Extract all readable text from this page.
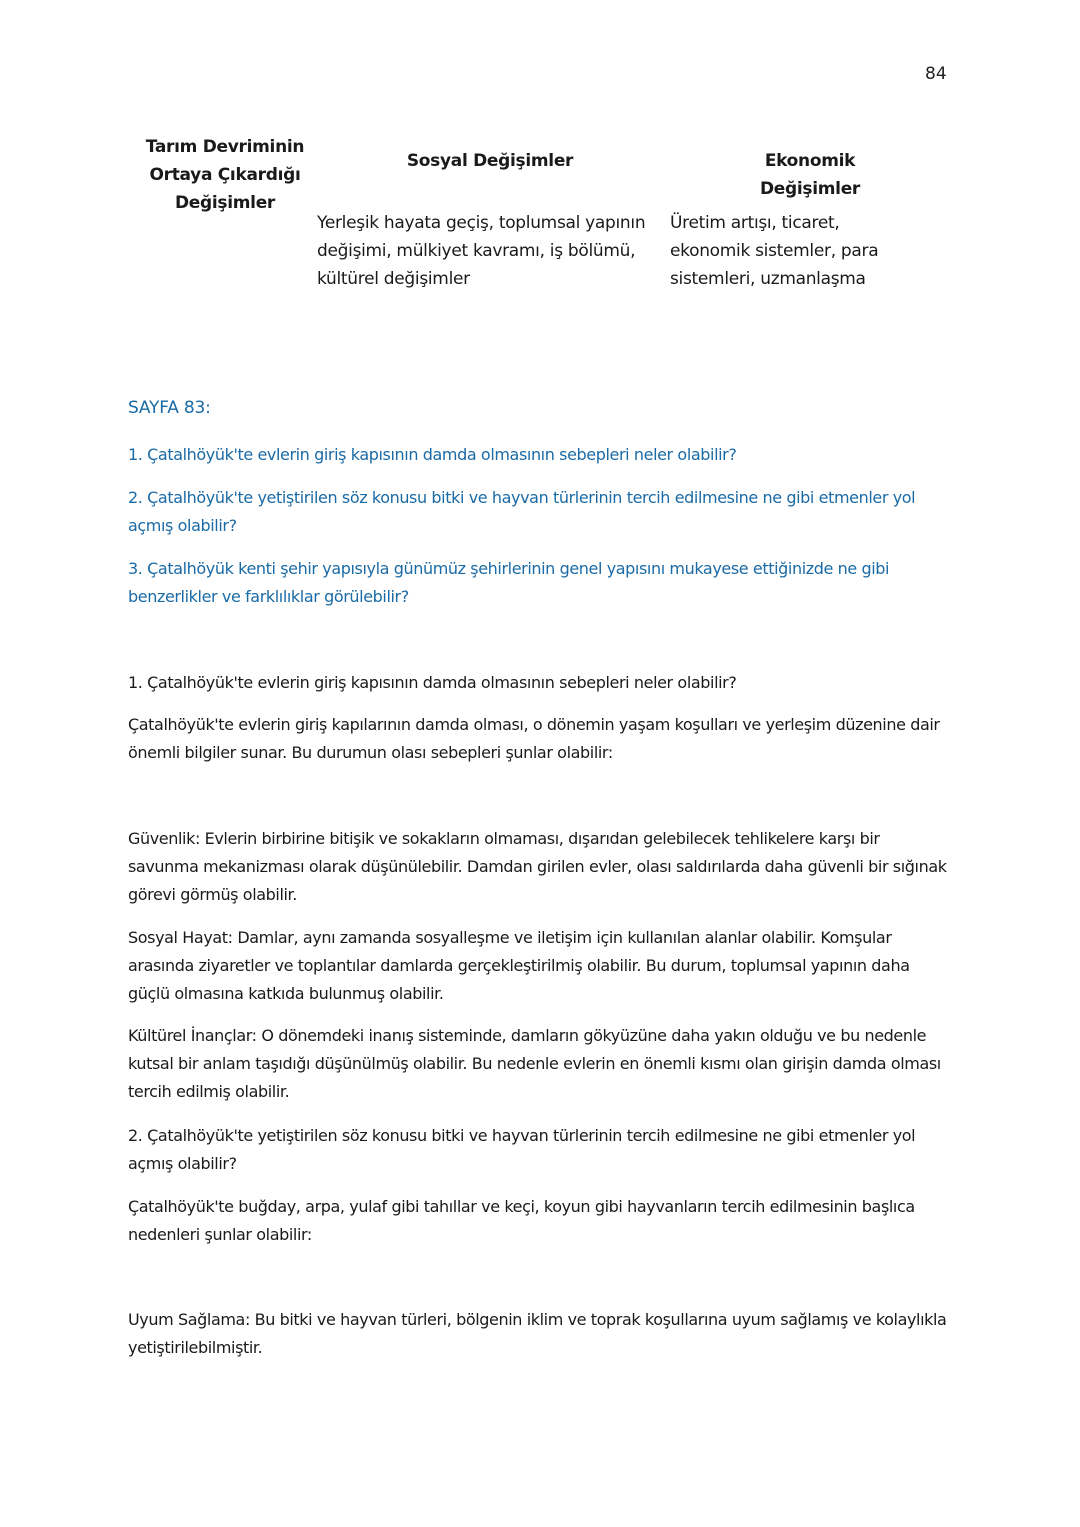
84
Tarım Devriminin Ortaya Çıkardığı Değişimler
Sosyal Değişimler	Ekonomik Değişimler
Yerleşik hayata geçiş, toplumsal yapının değişimi, mülkiyet kavramı, iş bölümü, kültürel değişimler
Üretim artışı, ticaret, ekonomik sistemler, para sistemleri, uzmanlaşma
SAYFA 83:
1. Çatalhöyük'te evlerin giriş kapısının damda olmasının sebepleri neler olabilir?
2. Çatalhöyük'te yetiştirilen söz konusu bitki ve hayvan türlerinin tercih edilmesine ne gibi etmenler yol açmış olabilir?
3. Çatalhöyük kenti şehir yapısıyla günümüz şehirlerinin genel yapısını mukayese ettiğinizde ne gibi benzerlikler ve farklılıklar görülebilir?
1. Çatalhöyük'te evlerin giriş kapısının damda olmasının sebepleri neler olabilir?
Çatalhöyük'te evlerin giriş kapılarının damda olması, o dönemin yaşam koşulları ve yerleşim düzenine dair önemli bilgiler sunar. Bu durumun olası sebepleri şunlar olabilir:
Güvenlik: Evlerin birbirine bitişik ve sokakların olmaması, dışarıdan gelebilecek tehlikelere karşı bir savunma mekanizması olarak düşünülebilir. Damdan girilen evler, olası saldırılarda daha güvenli bir sığınak görevi görmüş olabilir.
Sosyal Hayat: Damlar, aynı zamanda sosyalleşme ve iletişim için kullanılan alanlar olabilir. Komşular arasında ziyaretler ve toplantılar damlarda gerçekleştirilmiş olabilir. Bu durum, toplumsal yapının daha güçlü olmasına katkıda bulunmuş olabilir.
Kültürel İnançlar: O dönemdeki inanış sisteminde, damların gökyüzüne daha yakın olduğu ve bu nedenle kutsal bir anlam taşıdığı düşünülmüş olabilir. Bu nedenle evlerin en önemli kısmı olan girişin damda olması tercih edilmiş olabilir.
2. Çatalhöyük'te yetiştirilen söz konusu bitki ve hayvan türlerinin tercih edilmesine ne gibi etmenler yol açmış olabilir?
Çatalhöyük'te buğday, arpa, yulaf gibi tahıllar ve keçi, koyun gibi hayvanların tercih edilmesinin başlıca nedenleri şunlar olabilir:
Uyum Sağlama: Bu bitki ve hayvan türleri, bölgenin iklim ve toprak koşullarına uyum sağlamış ve kolaylıkla yetiştirilebilmiştir.
